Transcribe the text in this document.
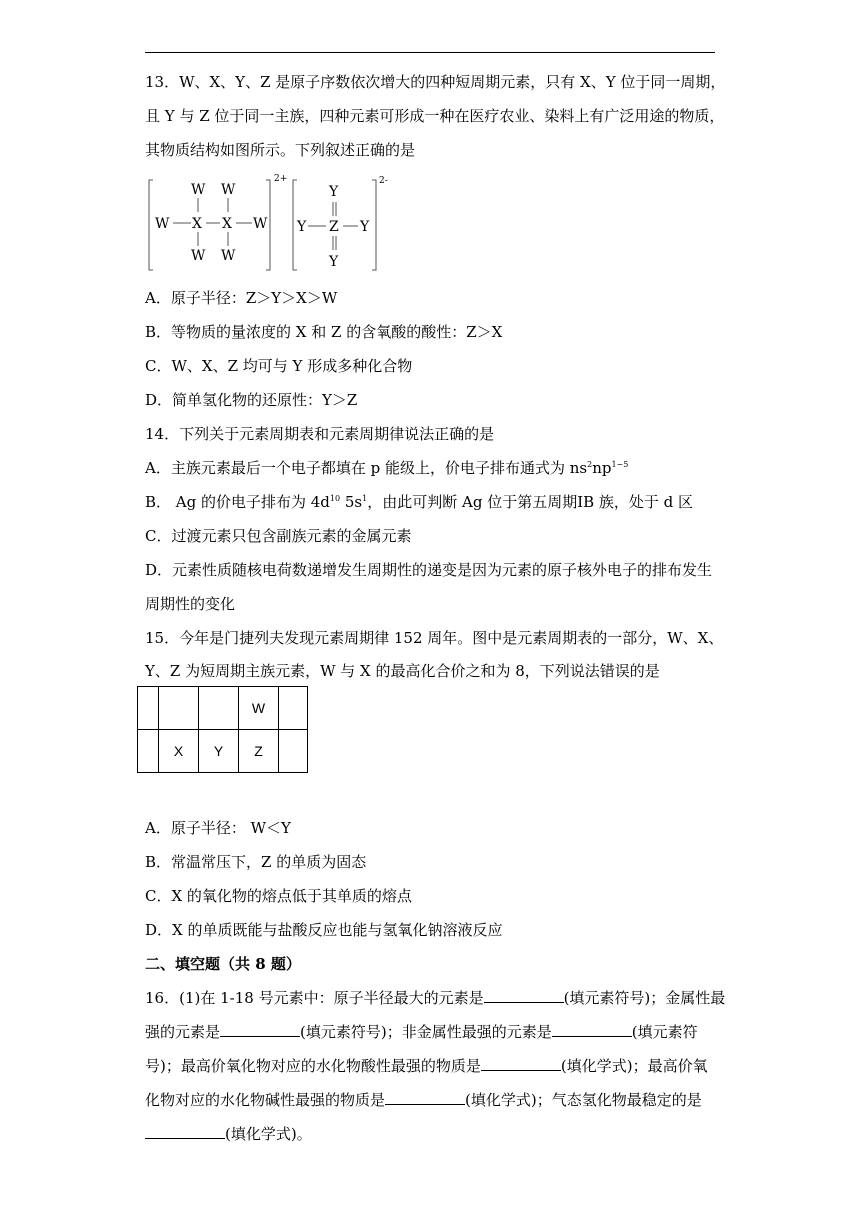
13．W、X、Y、Z 是原子序数依次增大的四种短周期元素，只有 X、Y 位于同一周期，
且 Y 与 Z 位于同一主族，四种元素可形成一种在医疗农业、染料上有广泛用途的物质，
其物质结构如图所示。下列叙述正确的是
W W
W X X W
W W
2+
Y
Y Z Y
Y
2-
A．原子半径：Z＞Y＞X＞W
B．等物质的量浓度的 X 和 Z 的含氧酸的酸性：Z＞X
C．W、X、Z 均可与 Y 形成多种化合物
D．简单氢化物的还原性：Y＞Z
14．下列关于元素周期表和元素周期律说法正确的是
A．主族元素最后一个电子都填在 p 能级上，价电子排布通式为 $ns^2np^{1\sim 5}$
B． Ag 的价电子排布为 $4d^{10}$ $5s^1$，由此可判断 Ag 位于第五周期IB 族，处于 d 区
C．过渡元素只包含副族元素的金属元素
D．元素性质随核电荷数递增发生周期性的递变是因为元素的原子核外电子的排布发生
周期性的变化
15．今年是门捷列夫发现元素周期律 152 周年。图中是元素周期表的一部分，W、X、
Y、Z 为短周期主族元素，W 与 X 的最高化合价之和为 8，下列说法错误的是
			W	
	X	Y	Z	
A．原子半径： W＜Y
B．常温常压下，Z 的单质为固态
C．X 的氧化物的熔点低于其单质的熔点
D．X 的单质既能与盐酸反应也能与氢氧化钠溶液反应
二、填空题（共 8 题）
16．(1)在 1-18 号元素中：原子半径最大的元素是	(填元素符号)；金属性最
强的元素是	(填元素符号)；非金属性最强的元素是	(填元素符
号)；最高价氧化物对应的水化物酸性最强的物质是	(填化学式)；最高价氧
化物对应的水化物碱性最强的物质是	(填化学式)；气态氢化物最稳定的是
(填化学式)。
